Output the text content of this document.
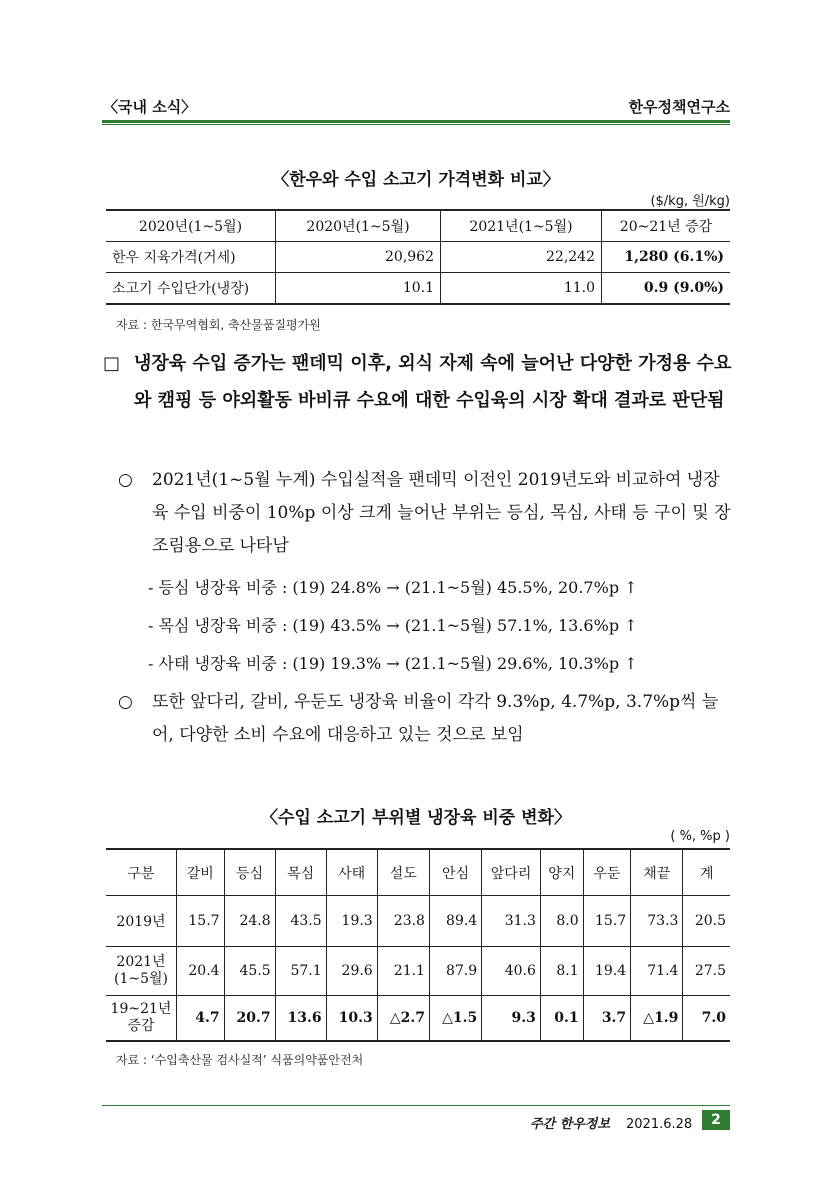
〈국내 소식〉	한우정책연구소
〈한우와 수입 소고기 가격변화 비교〉
($/kg, 원/kg)
2020년(1~5월)	2020년(1~5월)	2021년(1~5월)	20~21년 증감
한우 지육가격(거세)	20,962	22,242	1,280 (6.1%)
소고기 수입단가(냉장)	10.1	11.0	0.9 (9.0%)
자료 : 한국무역협회, 축산물품질평가원
□ 냉장육 수입 증가는 팬데믹 이후, 외식 자제 속에 늘어난 다양한 가정용 수요와 캠핑 등 야외활동 바비큐 수요에 대한 수입육의 시장 확대 결과로 판단됨
○	2021년(1~5월 누계) 수입실적을 팬데믹 이전인 2019년도와 비교하여 냉장육 수입 비중이 10%p 이상 크게 늘어난 부위는 등심, 목심, 사태 등 구이 및 장조림용으로 나타남
- 등심 냉장육 비중 : (19) 24.8% → (21.1~5월) 45.5%, 20.7%p ↑
- 목심 냉장육 비중 : (19) 43.5% → (21.1~5월) 57.1%, 13.6%p ↑
- 사태 냉장육 비중 : (19) 19.3% → (21.1~5월) 29.6%, 10.3%p ↑
○	또한 앞다리, 갈비, 우둔도 냉장육 비율이 각각 9.3%p, 4.7%p, 3.7%p씩 늘어, 다양한 소비 수요에 대응하고 있는 것으로 보임
〈수입 소고기 부위별 냉장육 비중 변화〉
( %, %p )
구분	갈비	등심	목심	사태	설도	안심	앞다리	양지	우둔	채끝	계
2019년	15.7	24.8	43.5	19.3	23.8	89.4	31.3	8.0	15.7	73.3	20.5
2021년 (1~5월)	20.4	45.5	57.1	29.6	21.1	87.9	40.6	8.1	19.4	71.4	27.5
19~21년 증감	4.7	20.7	13.6	10.3	△2.7	△1.5	9.3	0.1	3.7	△1.9	7.0
자료 : ‘수입축산물 검사실적’ 식품의약품안전처
주간 한우정보 2021.6.28	2
